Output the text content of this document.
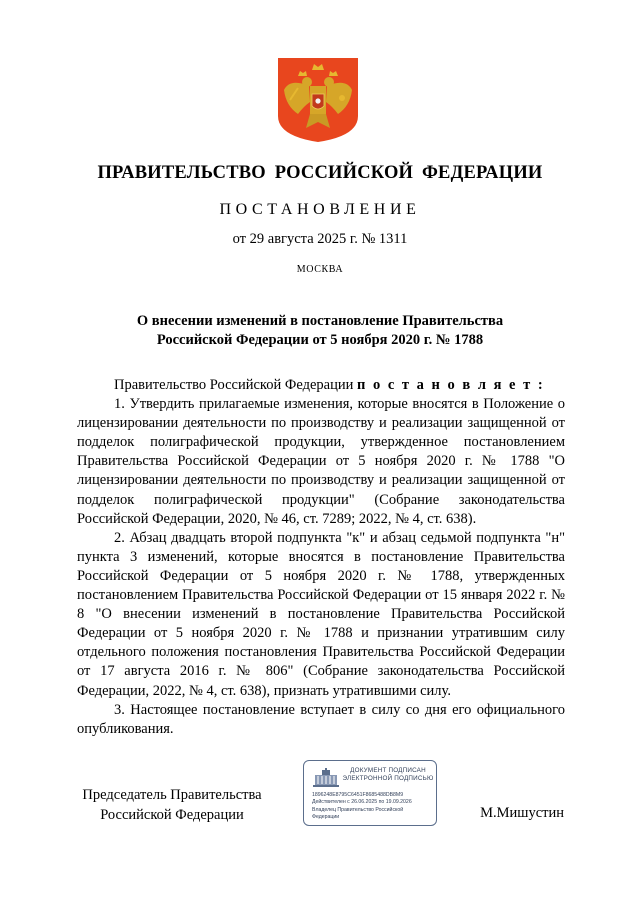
ПРАВИТЕЛЬСТВО РОССИЙСКОЙ ФЕДЕРАЦИИ
ПОСТАНОВЛЕНИЕ
от 29 августа 2025 г. № 1311
МОСКВА
О внесении изменений в постановление Правительства
Российской Федерации от 5 ноября 2020 г. № 1788

Правительство Российской Федерации п о с т а н о в л я е т :

1. Утвердить прилагаемые изменения, которые вносятся в Положение о лицензировании деятельности по производству и реализации защищенной от подделок полиграфической продукции, утвержденное постановлением Правительства Российской Федерации от 5 ноября 2020 г. № 1788 "О лицензировании деятельности по производству и реализации защищенной от подделок полиграфической продукции" (Собрание законодательства Российской Федерации, 2020, № 46, ст. 7289; 2022, № 4, ст. 638).

2. Абзац двадцать второй подпункта "к" и абзац седьмой подпункта "н" пункта 3 изменений, которые вносятся в постановление Правительства Российской Федерации от 5 ноября 2020 г. № 1788, утвержденных постановлением Правительства Российской Федерации от 15 января 2022 г. № 8 "О внесении изменений в постановление Правительства Российской Федерации от 5 ноября 2020 г. № 1788 и признании утратившим силу отдельного положения постановления Правительства Российской Федерации от 17 августа 2016 г. № 806" (Собрание законодательства Российской Федерации, 2022, № 4, ст. 638), признать утратившими силу.

3. Настоящее постановление вступает в силу со дня его официального опубликования.

Председатель Правительства
Российской Федерации
ДОКУМЕНТ ПОДПИСАН
ЭЛЕКТРОННОЙ ПОДПИСЬЮ
1896248E8795C6451F8685488DB8M9
Действителен с 26.06.2025 по 19.09.2026
Владелец Правительство Российской
Федерации	М.Мишустин
